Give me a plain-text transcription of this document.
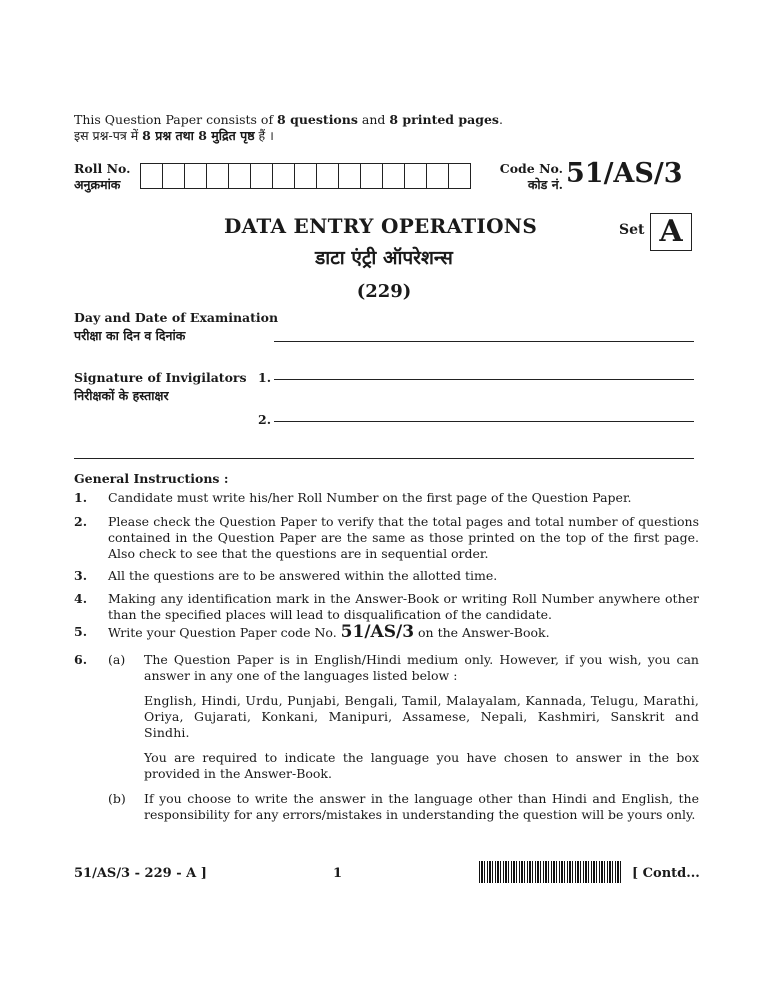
This Question Paper consists of 8 questions and 8 printed pages.
इस प्रश्न-पत्र में 8 प्रश्न तथा 8 मुद्रित पृष्ठ हैं ।
Roll No.
अनुक्रमांक
Code No.
कोड नं. 51/AS/3
DATA ENTRY OPERATIONS
डाटा एंट्री ऑपरेशन्स
(229)
Set A
Day and Date of Examination
परीक्षा का दिन व दिनांक
Signature of Invigilators
निरीक्षकों के हस्ताक्षर
1.
2.
General Instructions :
1. Candidate must write his/her Roll Number on the first page of the Question Paper.
2. Please check the Question Paper to verify that the total pages and total number of questions contained in the Question Paper are the same as those printed on the top of the first page. Also check to see that the questions are in sequential order.
3. All the questions are to be answered within the allotted time.
4. Making any identification mark in the Answer-Book or writing Roll Number anywhere other than the specified places will lead to disqualification of the candidate.
5. Write your Question Paper code No. 51/AS/3 on the Answer-Book.
6. (a) The Question Paper is in English/Hindi medium only. However, if you wish, you can answer in any one of the languages listed below :
English, Hindi, Urdu, Punjabi, Bengali, Tamil, Malayalam, Kannada, Telugu, Marathi, Oriya, Gujarati, Konkani, Manipuri, Assamese, Nepali, Kashmiri, Sanskrit and Sindhi.
You are required to indicate the language you have chosen to answer in the box provided in the Answer-Book.
(b) If you choose to write the answer in the language other than Hindi and English, the responsibility for any errors/mistakes in understanding the question will be yours only.
51/AS/3 - 229 - A ]	1	[ Contd...
